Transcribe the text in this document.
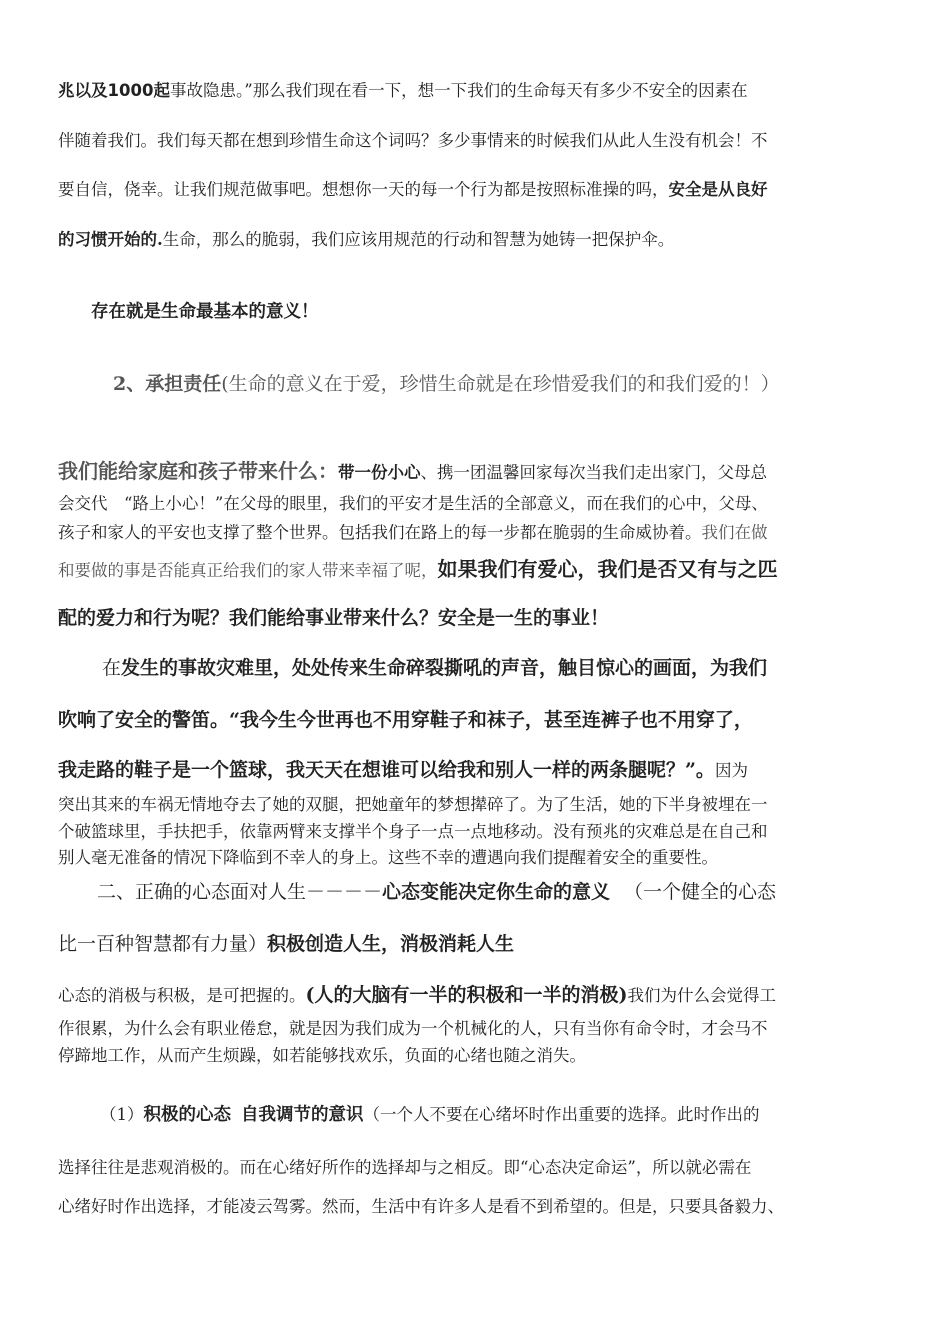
兆以及1000起事故隐患。”那么我们现在看一下，想一下我们的生命每天有多少不安全的因素在
伴随着我们。我们每天都在想到珍惜生命这个词吗？多少事情来的时候我们从此人生没有机会！不
要自信，侥幸。让我们规范做事吧。想想你一天的每一个行为都是按照标准操的吗，安全是从良好
的习惯开始的.生命，那么的脆弱，我们应该用规范的行动和智慧为她铸一把保护伞。
存在就是生命最基本的意义！
2、承担责任(生命的意义在于爱，珍惜生命就是在珍惜爱我们的和我们爱的！）
我们能给家庭和孩子带来什么：带一份小心、携一团温馨回家每次当我们走出家门，父母总
会交代　“路上小心！”在父母的眼里，我们的平安才是生活的全部意义，而在我们的心中，父母、
孩子和家人的平安也支撑了整个世界。包括我们在路上的每一步都在脆弱的生命威协着。我们在做
和要做的事是否能真正给我们的家人带来幸福了呢，如果我们有爱心，我们是否又有与之匹
配的爱力和行为呢？我们能给事业带来什么？安全是一生的事业！
在发生的事故灾难里，处处传来生命碎裂撕吼的声音，触目惊心的画面，为我们
吹响了安全的警笛。“我今生今世再也不用穿鞋子和袜子，甚至连裤子也不用穿了，
我走路的鞋子是一个篮球，我天天在想谁可以给我和别人一样的两条腿呢？”。因为
突出其来的车祸无情地夺去了她的双腿，把她童年的梦想撵碎了。为了生活，她的下半身被埋在一
个破篮球里，手扶把手，依靠两臂来支撑半个身子一点一点地移动。没有预兆的灾难总是在自己和
别人毫无准备的情况下降临到不幸人的身上。这些不幸的遭遇向我们提醒着安全的重要性。
二、正确的心态面对人生－－－－心态变能决定你生命的意义 （一个健全的心态
比一百种智慧都有力量）积极创造人生，消极消耗人生
心态的消极与积极，是可把握的。(人的大脑有一半的积极和一半的消极)我们为什么会觉得工
作很累，为什么会有职业倦怠，就是因为我们成为一个机械化的人，只有当你有命令时，才会马不
停蹄地工作，从而产生烦躁，如若能够找欢乐，负面的心绪也随之消失。
（1）积极的心态 自我调节的意识（一个人不要在心绪坏时作出重要的选择。此时作出的
选择往往是悲观消极的。而在心绪好所作的选择却与之相反。即“心态决定命运”，所以就必需在
心绪好时作出选择，才能凌云驾雾。然而，生活中有许多人是看不到希望的。但是，只要具备毅力、
